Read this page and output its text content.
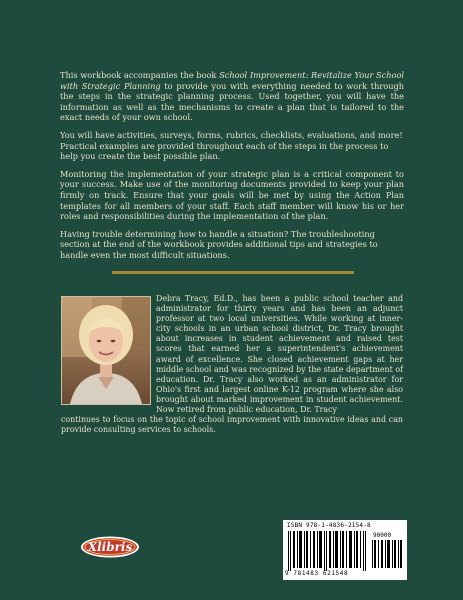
This workbook accompanies the book School Improvement: Revitalize Your School with Strategic Planning to provide you with everything needed to work through the steps in the strategic planning process. Used together, you will have the information as well as the mechanisms to create a plan that is tailored to the exact needs of your own school.

You will have activities, surveys, forms, rubrics, checklists, evaluations, and more! Practical examples are provided throughout each of the steps in the process to help you create the best possible plan.

Monitoring the implementation of your strategic plan is a critical component to your success. Make use of the monitoring documents provided to keep your plan firmly on track. Ensure that your goals will be met by using the Action Plan templates for all members of your staff. Each staff member will know his or her roles and responsibilities during the implementation of the plan.

Having trouble determining how to handle a situation? The troubleshooting section at the end of the workbook provides additional tips and strategies to handle even the most difficult situations.

Debra Tracy, Ed.D., has been a public school teacher and administrator for thirty years and has been an adjunct professor at two local universities. While working at inner-city schools in an urban school district, Dr. Tracy brought about increases in student achievement and raised test scores that earned her a superintendent's achievement award of excellence. She closed achievement gaps at her middle school and was recognized by the state department of education. Dr. Tracy also worked as an administrator for Ohio's first and largest online K-12 program where she also brought about marked improvement in student achievement. Now retired from public education, Dr. Tracy
continues to focus on the topic of school improvement with innovative ideas and can provide consulting services to schools.
Xlibris
ISBN 978-1-4836-2154-8
90000
9 781483 621548
